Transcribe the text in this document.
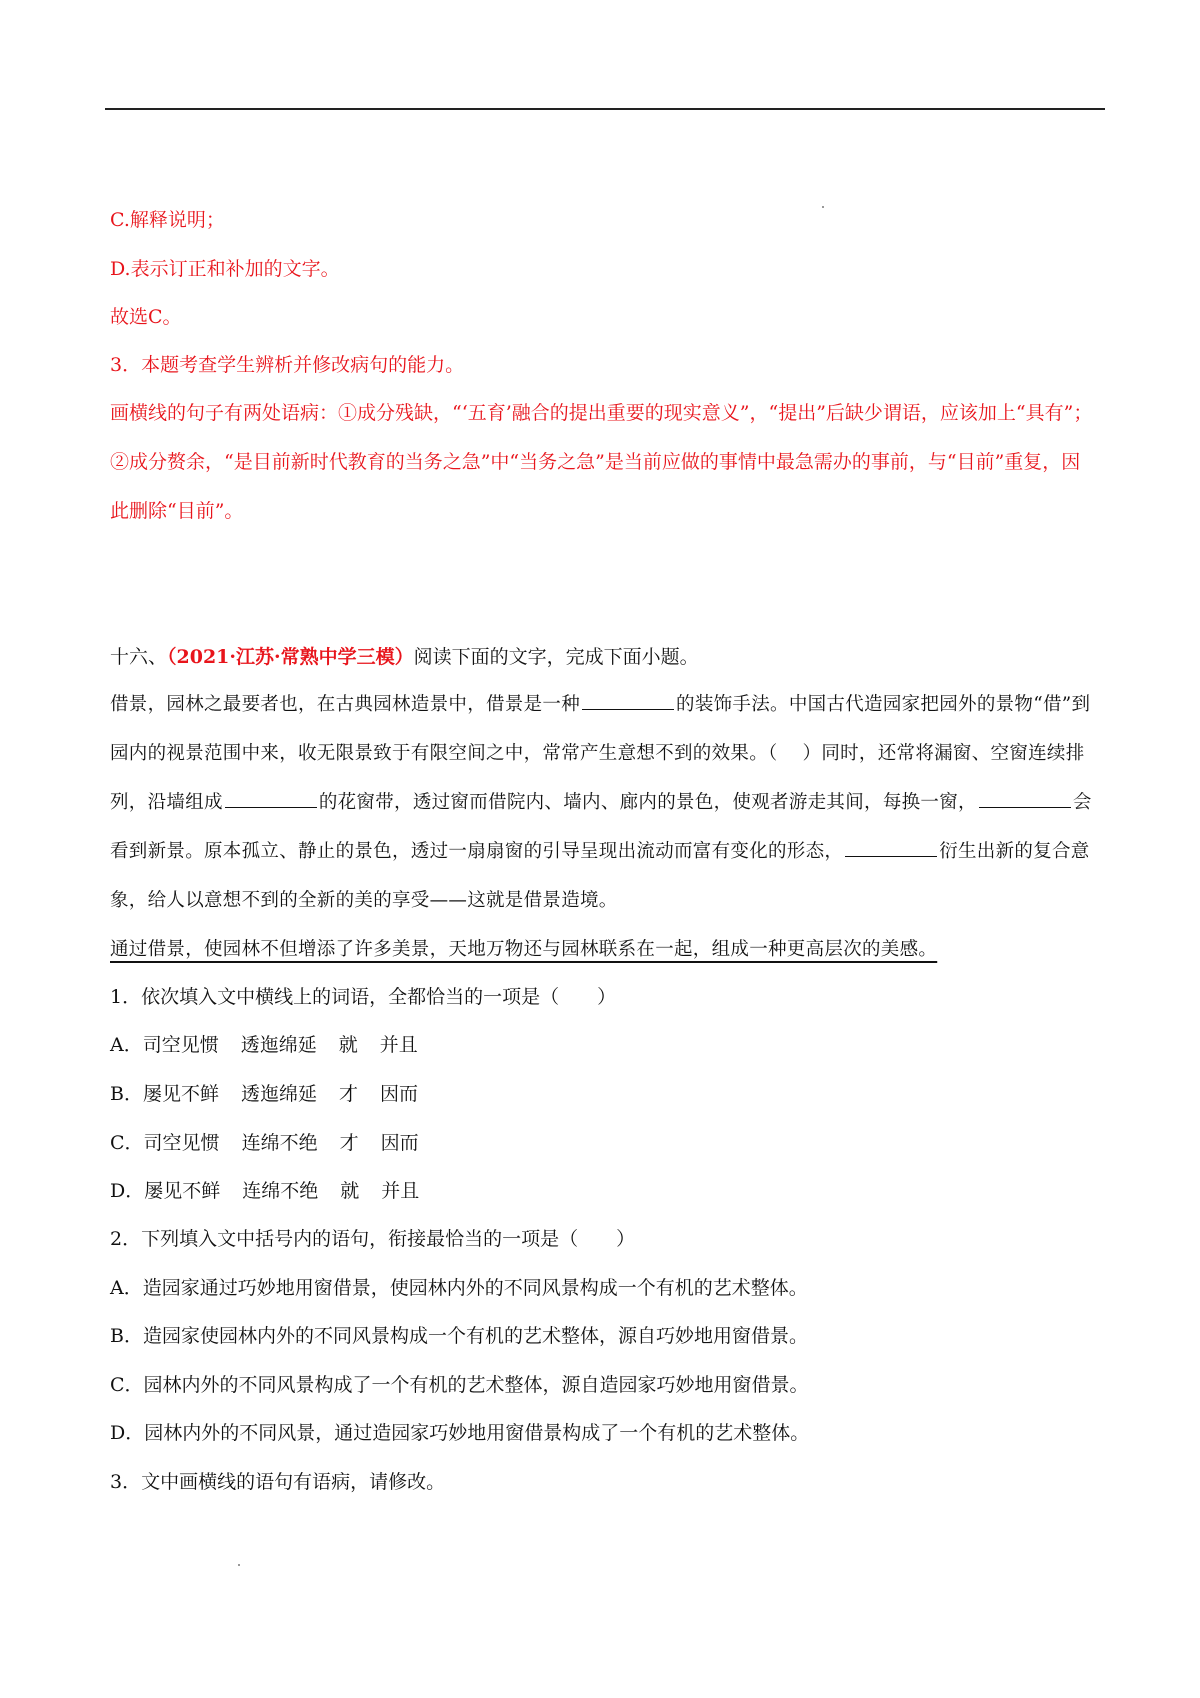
C.解释说明；
D.表示订正和补加的文字。
故选C。
3．本题考查学生辨析并修改病句的能力。
画横线的句子有两处语病：①成分残缺，“‘五育’融合的提出重要的现实意义”，“提出”后缺少谓语，应该加上“具有”；②成分赘余，“是目前新时代教育的当务之急”中“当务之急”是当前应做的事情中最急需办的事前，与“目前”重复，因此删除“目前”。
十六、（2021·江苏·常熟中学三模）阅读下面的文字，完成下面小题。
借景，园林之最要者也，在古典园林造景中，借景是一种	的装饰手法。中国古代造园家把园外的景物“借”到园内的视景范围中来，收无限景致于有限空间之中，常常产生意想不到的效果。（　 ）同时，还常将漏窗、空窗连续排列，沿墙组成	的花窗带，透过窗而借院内、墙内、廊内的景色，使观者游走其间，每换一窗，	会看到新景。原本孤立、静止的景色，透过一扇扇窗的引导呈现出流动而富有变化的形态，	衍生出新的复合意象，给人以意想不到的全新的美的享受——这就是借景造境。
通过借景，使园林不但增添了许多美景，天地万物还与园林联系在一起，组成一种更高层次的美感。
1．依次填入文中横线上的词语，全都恰当的一项是（　　）
A．司空见惯 透迤绵延 就 并且
B．屡见不鲜 透迤绵延 才 因而
C．司空见惯 连绵不绝 才 因而
D．屡见不鲜 连绵不绝 就 并且
2．下列填入文中括号内的语句，衔接最恰当的一项是（　　）
A．造园家通过巧妙地用窗借景，使园林内外的不同风景构成一个有机的艺术整体。
B．造园家使园林内外的不同风景构成一个有机的艺术整体，源自巧妙地用窗借景。
C．园林内外的不同风景构成了一个有机的艺术整体，源自造园家巧妙地用窗借景。
D．园林内外的不同风景，通过造园家巧妙地用窗借景构成了一个有机的艺术整体。
3．文中画横线的语句有语病，请修改。
